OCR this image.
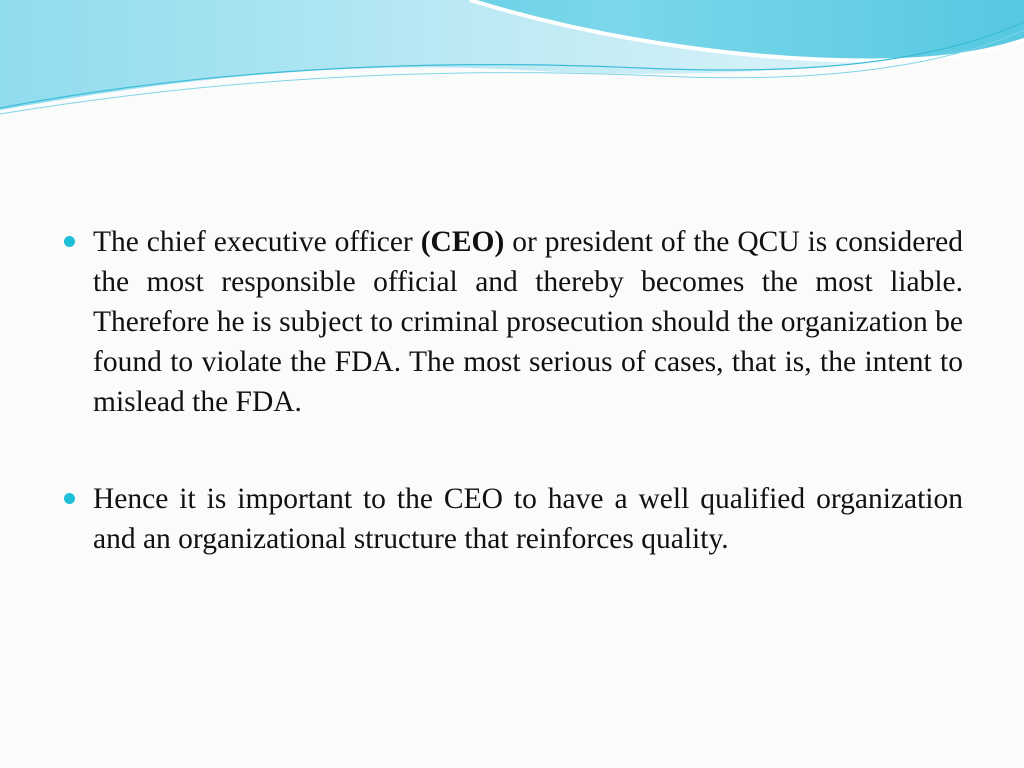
The chief executive officer (CEO) or president of the QCU is considered the most responsible official and thereby becomes the most liable. Therefore he is subject to criminal prosecution should the organization be found to violate the FDA. The most serious of cases, that is, the intent to mislead the FDA.

Hence it is important to the CEO to have a well qualified organization and an organizational structure that reinforces quality.
